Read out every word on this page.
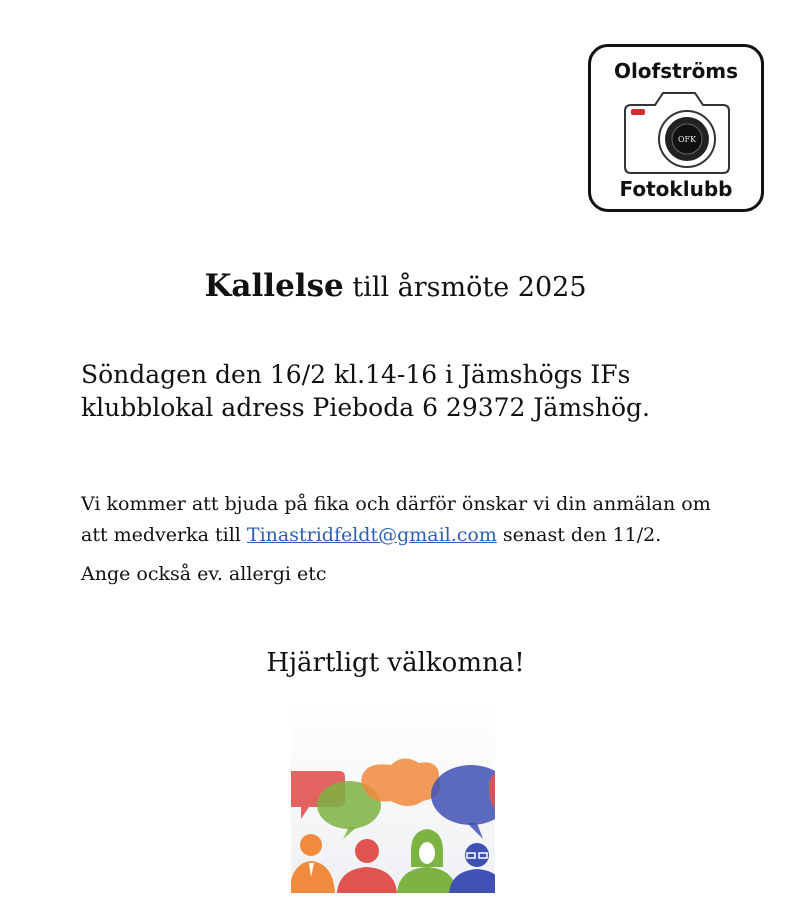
Olofströms
OFK
Fotoklubb
Kallelse till årsmöte 2025
Söndagen den 16/2 kl.14-16 i Jämshögs IFs
klubblokal adress Pieboda 6 29372 Jämshög.
Vi kommer att bjuda på fika och därför önskar vi din anmälan om
att medverka till Tinastridfeldt@gmail.com senast den 11/2.
Ange också ev. allergi etc
Hjärtligt välkomna!
